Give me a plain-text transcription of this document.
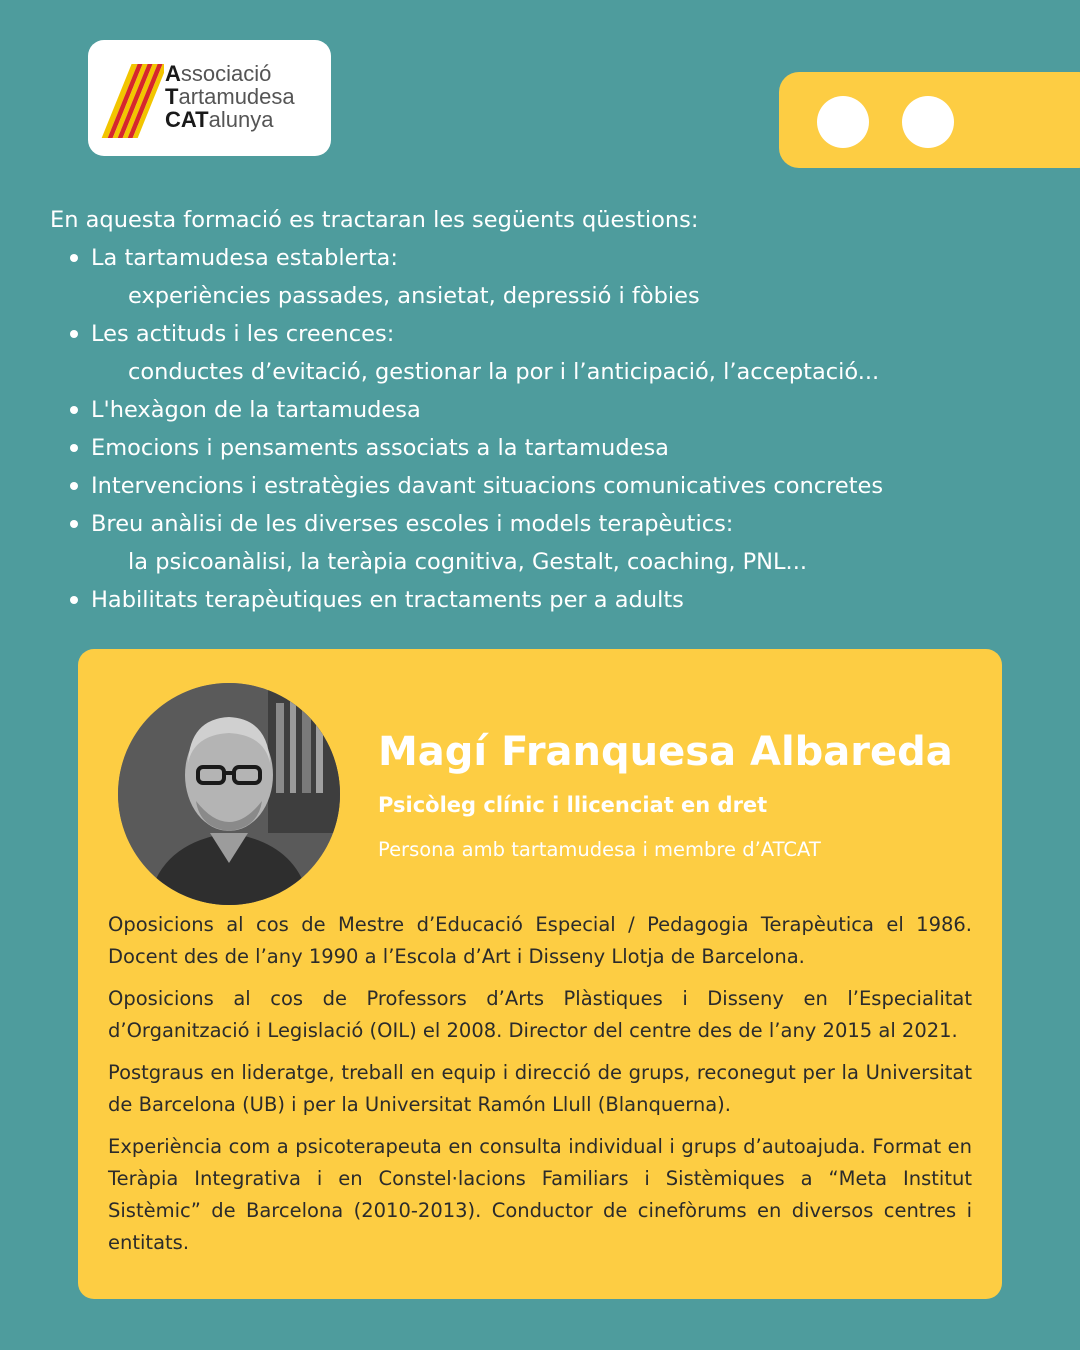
Associació
Tartamudesa
CATalunya

En aquesta formació es tractaran les següents qüestions:

La tartamudesa establerta:
experiències passades, ansietat, depressió i fòbies
Les actituds i les creences:
conductes d’evitació, gestionar la por i l’anticipació, l’acceptació...
L'hexàgon de la tartamudesa
Emocions i pensaments associats a la tartamudesa
Intervencions i estratègies davant situacions comunicatives concretes
Breu anàlisi de les diverses escoles i models terapèutics:
la psicoanàlisi, la teràpia cognitiva, Gestalt, coaching, PNL...
Habilitats terapèutiques en tractaments per a adults
Magí Franquesa Albareda

Psicòleg clínic i llicenciat en dret

Persona amb tartamudesa i membre d’ATCAT

Oposicions al cos de Mestre d’Educació Especial / Pedagogia Terapèutica el 1986. Docent des de l’any 1990 a l’Escola d’Art i Disseny Llotja de Barcelona.

Oposicions al cos de Professors d’Arts Plàstiques i Disseny en l’Especialitat d’Organització i Legislació (OIL) el 2008. Director del centre des de l’any 2015 al 2021.

Postgraus en lideratge, treball en equip i direcció de grups, reconegut per la Universitat de Barcelona (UB) i per la Universitat Ramón Llull (Blanquerna).

Experiència com a psicoterapeuta en consulta individual i grups d’autoajuda. Format en Teràpia Integrativa i en Constel·lacions Familiars i Sistèmiques a “Meta Institut Sistèmic” de Barcelona (2010-2013). Conductor de cinefòrums en diversos centres i entitats.
